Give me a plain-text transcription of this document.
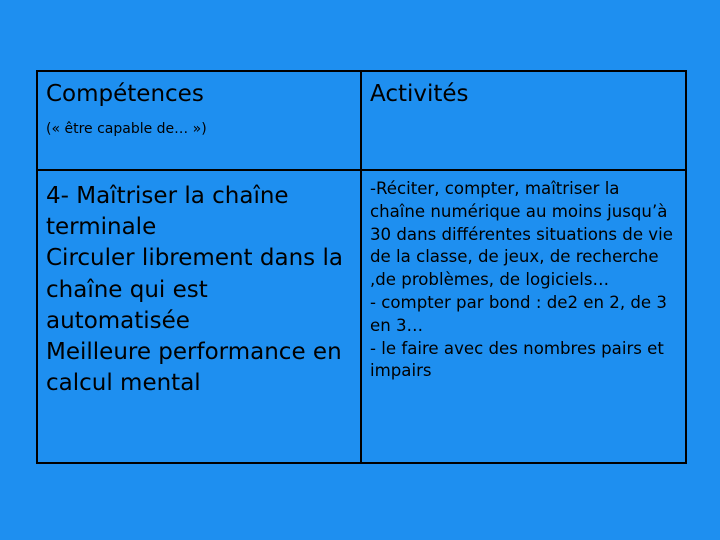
Compétences
(« être capable de… »)
Activités

4- Maîtriser la chaîne terminale

Circuler librement dans la chaîne qui est automatisée

Meilleure performance en calcul mental

-Réciter, compter, maîtriser la chaîne numérique au moins jusqu’à 30 dans différentes situations de vie de la classe, de jeux, de recherche ,de problèmes, de logiciels…

- compter par bond : de2 en 2, de 3 en 3…

- le faire avec des nombres pairs et impairs
